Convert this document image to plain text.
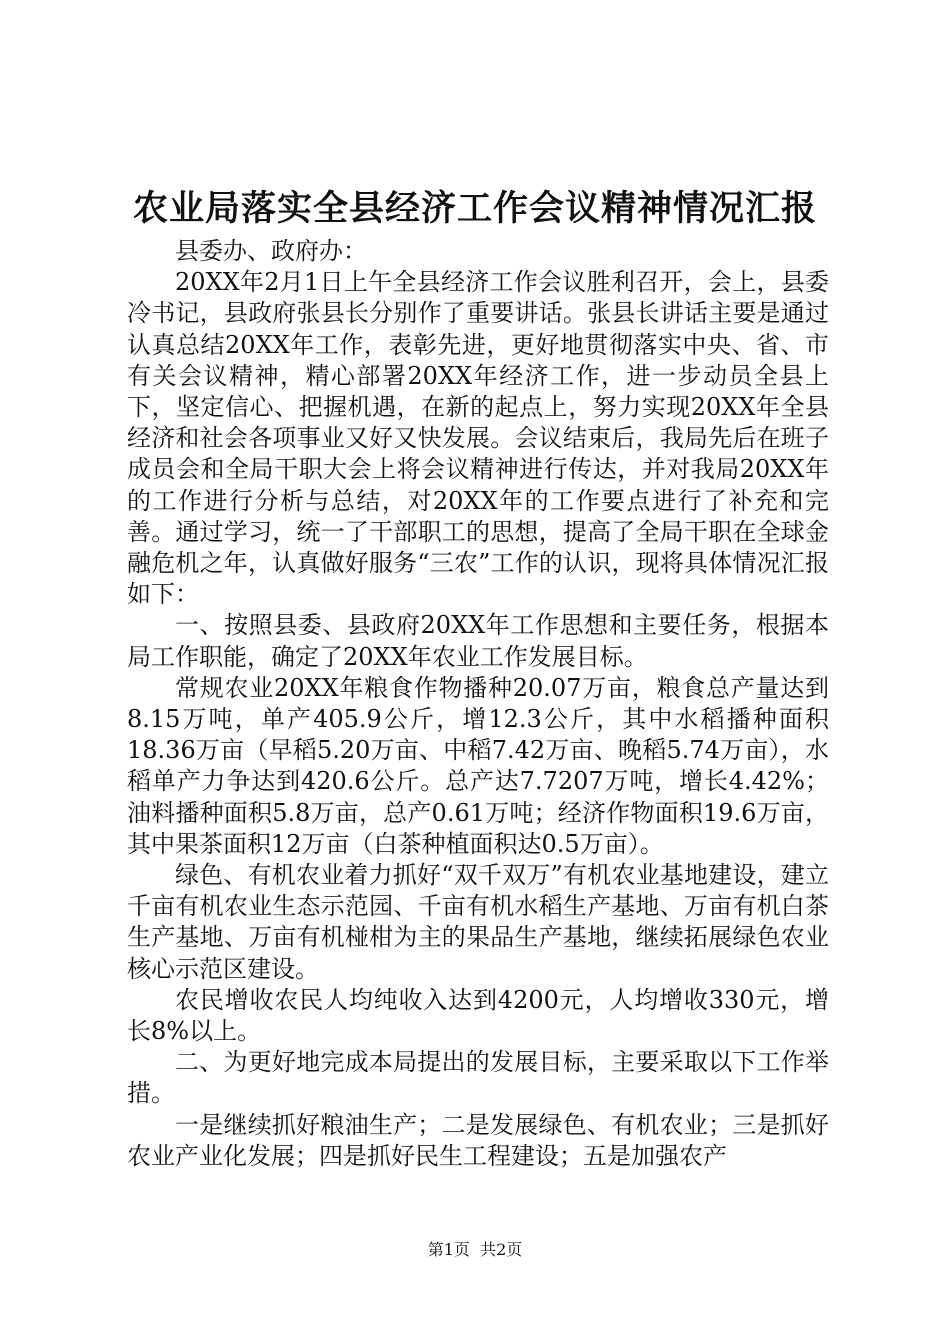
农业局落实全县经济工作会议精神情况汇报

县委办、政府办：

20XX年2月1日上午全县经济工作会议胜利召开，会上，县委冷书记，县政府张县长分别作了重要讲话。张县长讲话主要是通过认真总结20XX年工作，表彰先进，更好地贯彻落实中央、省、市有关会议精神，精心部署20XX年经济工作，进一步动员全县上下，坚定信心、把握机遇，在新的起点上，努力实现20XX年全县经济和社会各项事业又好又快发展。会议结束后，我局先后在班子成员会和全局干职大会上将会议精神进行传达，并对我局20XX年的工作进行分析与总结，对20XX年的工作要点进行了补充和完善。通过学习，统一了干部职工的思想，提高了全局干职在全球金融危机之年，认真做好服务“三农”工作的认识，现将具体情况汇报如下：

一、按照县委、县政府20XX年工作思想和主要任务，根据本局工作职能，确定了20XX年农业工作发展目标。

常规农业20XX年粮食作物播种20.07万亩，粮食总产量达到8.15万吨，单产405.9公斤，增12.3公斤，其中水稻播种面积18.36万亩（早稻5.20万亩、中稻7.42万亩、晚稻5.74万亩），水稻单产力争达到420.6公斤。总产达7.7207万吨，增长4.42%；油料播种面积5.8万亩，总产0.61万吨；经济作物面积19.6万亩，其中果茶面积12万亩（白茶种植面积达0.5万亩）。

绿色、有机农业着力抓好“双千双万”有机农业基地建设，建立千亩有机农业生态示范园、千亩有机水稻生产基地、万亩有机白茶生产基地、万亩有机椪柑为主的果品生产基地，继续拓展绿色农业核心示范区建设。

农民增收农民人均纯收入达到4200元，人均增收330元，增长8%以上。

二、为更好地完成本局提出的发展目标，主要采取以下工作举措。

一是继续抓好粮油生产；二是发展绿色、有机农业；三是抓好农业产业化发展；四是抓好民生工程建设；五是加强农产

第1页  共2页
